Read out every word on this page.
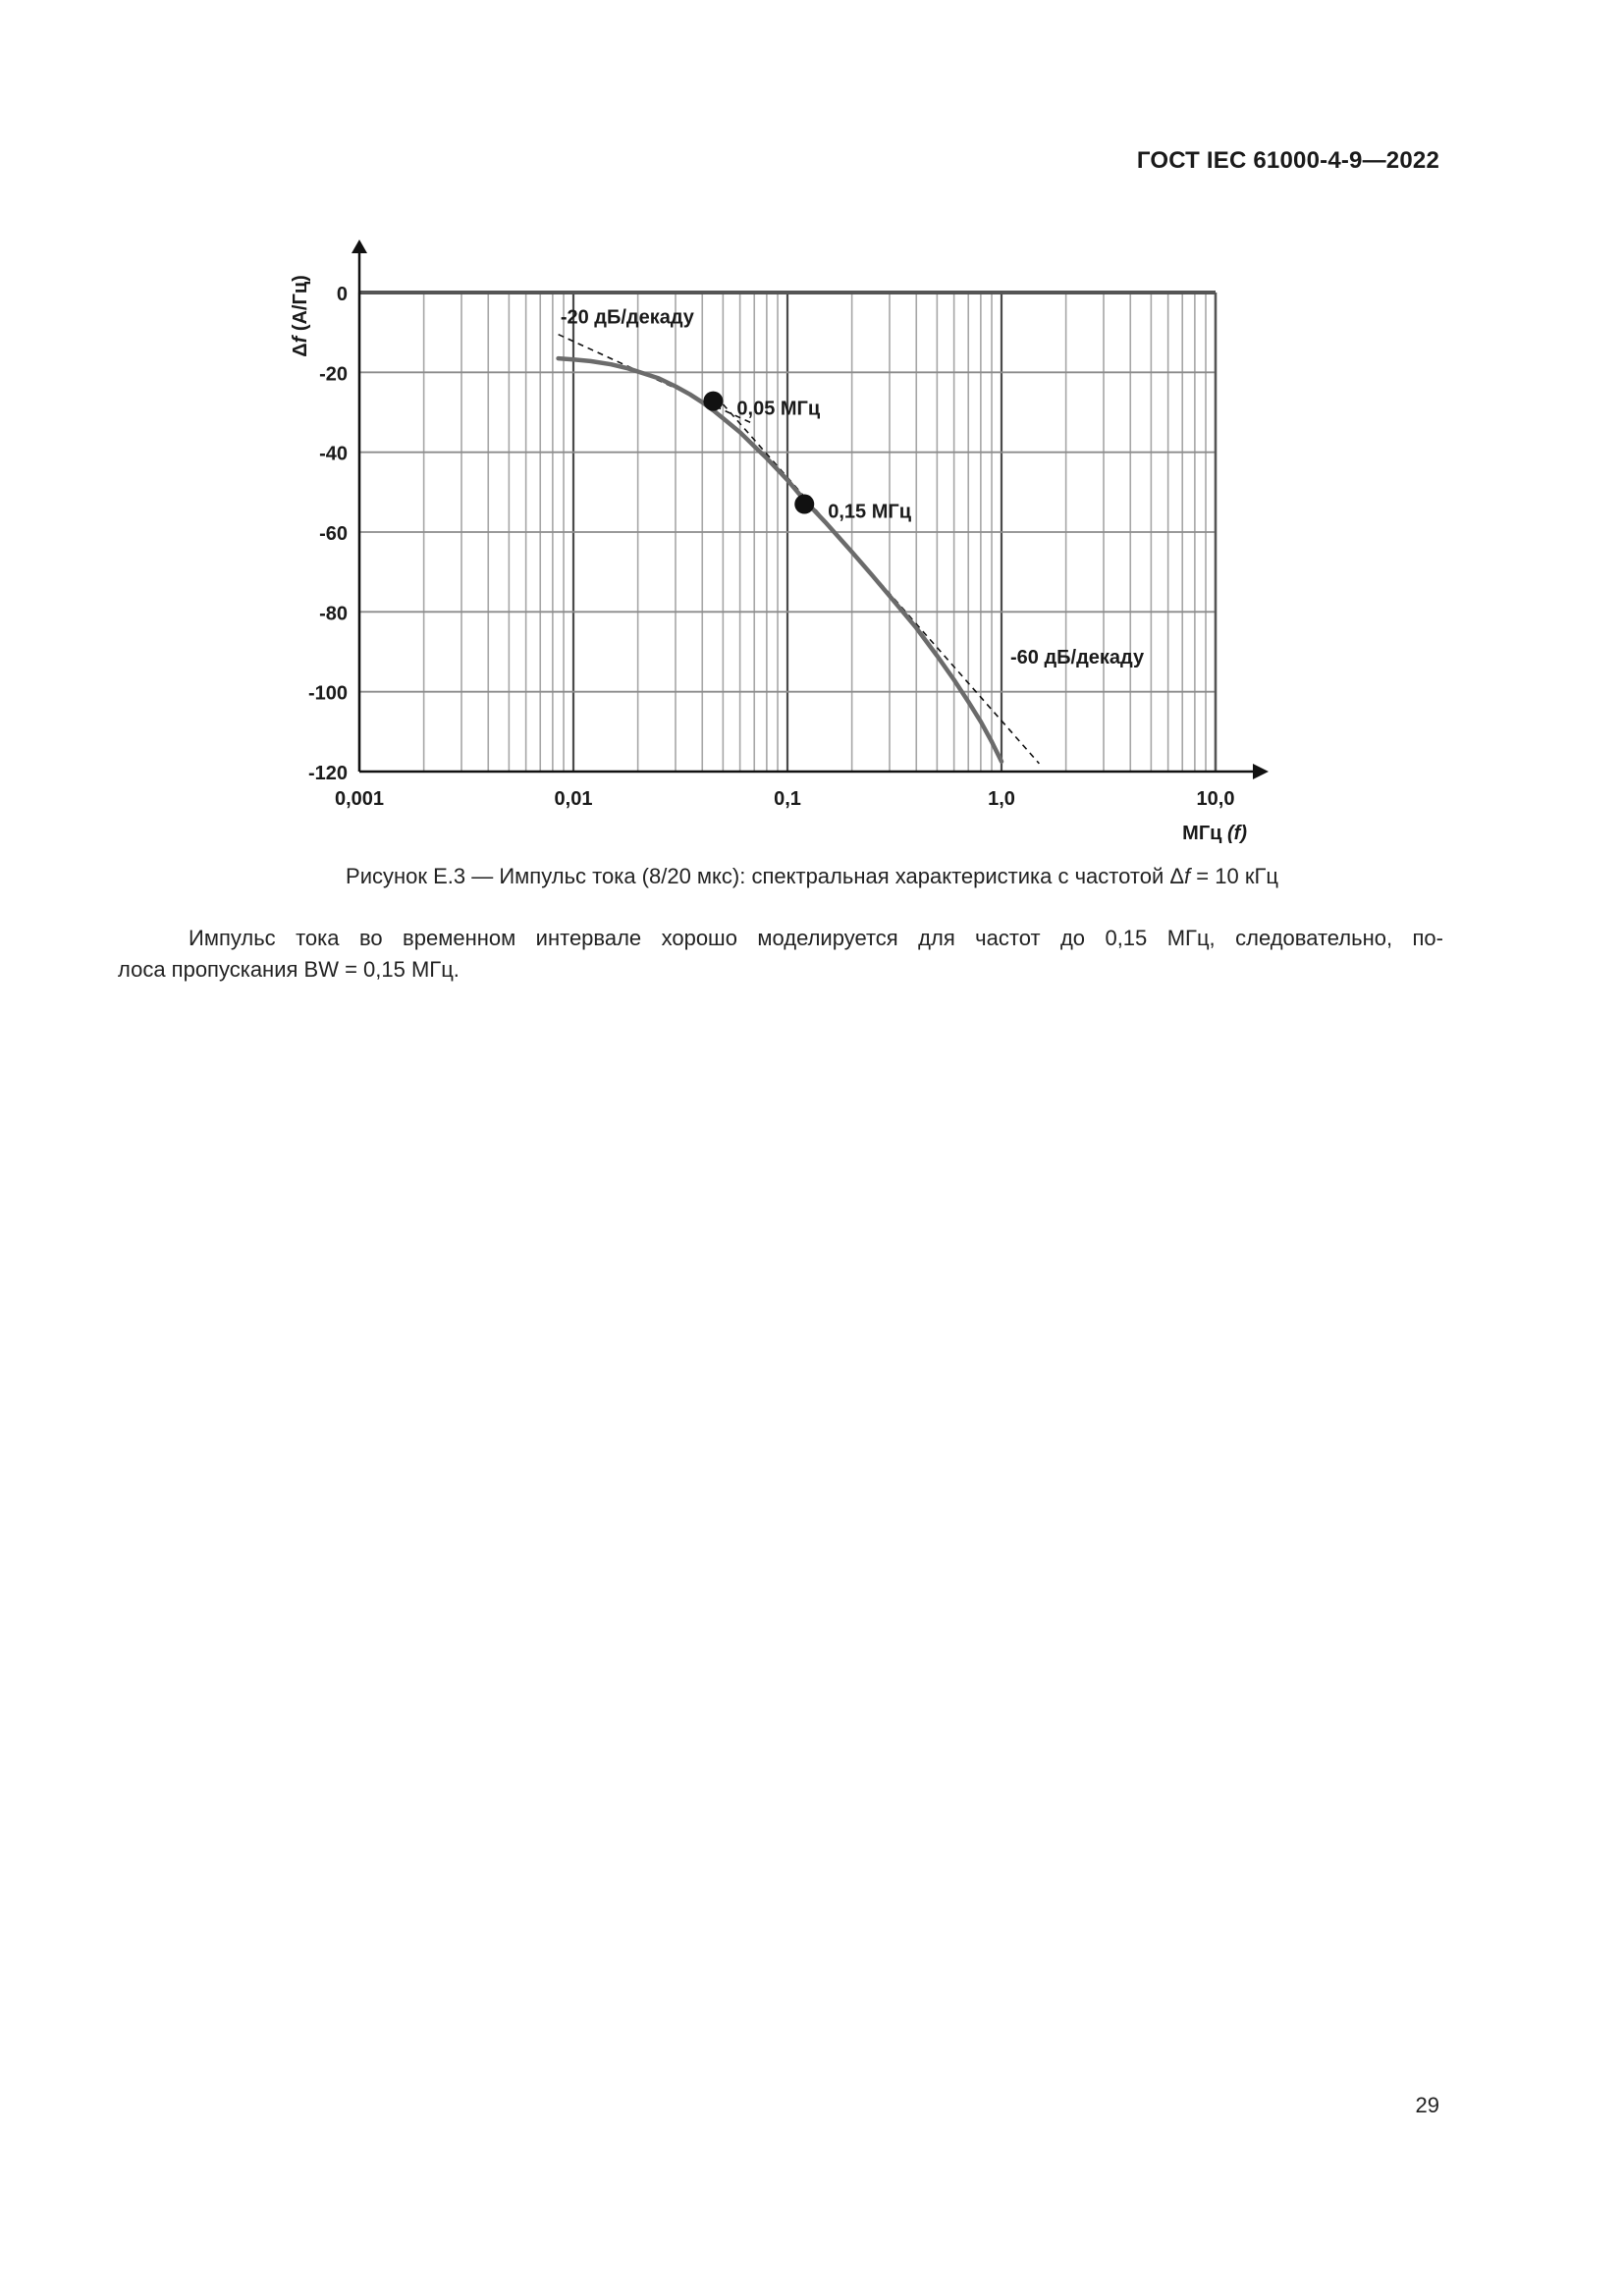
ГОСТ IEC 61000-4-9—2022
0
-20
-40
-60
-80
-100
-120
0,001	0,01	0,1	1,0	10,0
Δf (А/Гц)
МГц (f)
0,05 МГц
0,15 МГц
-20 дБ/декаду
-60 дБ/декаду
Рисунок Е.3 — Импульс тока (8/20 мкс): спектральная характеристика с частотой Δf = 10 кГц
Импульс тока во временном интервале хорошо моделируется для частот до 0,15 МГц, следовательно, по-
лоса пропускания BW = 0,15 МГц.
29
